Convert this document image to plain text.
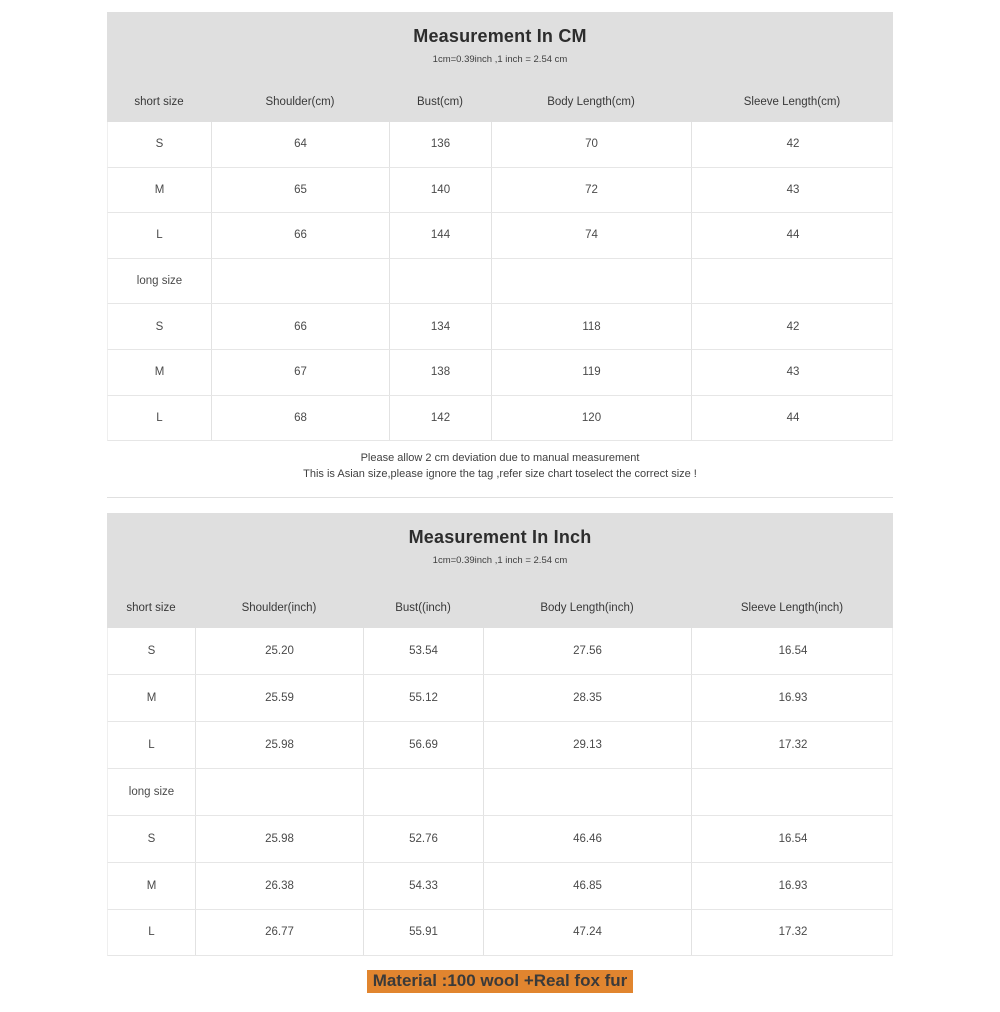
Measurement In CM
1cm=0.39inch ,1 inch = 2.54 cm
short size	Shoulder(cm)	Bust(cm)	Body Length(cm)	Sleeve Length(cm)
S	64	136	70	42
M	65	140	72	43
L	66	144	74	44
long size
S	66	134	118	42
M	67	138	119	43
L	68	142	120	44

Please allow 2 cm deviation due to manual measurement

This is Asian size,please ignore the tag ,refer size chart toselect the correct size !

Measurement In Inch
1cm=0.39inch ,1 inch = 2.54 cm
short size	Shoulder(inch)	Bust((inch)	Body Length(inch)	Sleeve Length(inch)
S	25.20	53.54	27.56	16.54
M	25.59	55.12	28.35	16.93
L	25.98	56.69	29.13	17.32
long size
S	25.98	52.76	46.46	16.54
M	26.38	54.33	46.85	16.93
L	26.77	55.91	47.24	17.32
Material :100 wool +Real fox fur
